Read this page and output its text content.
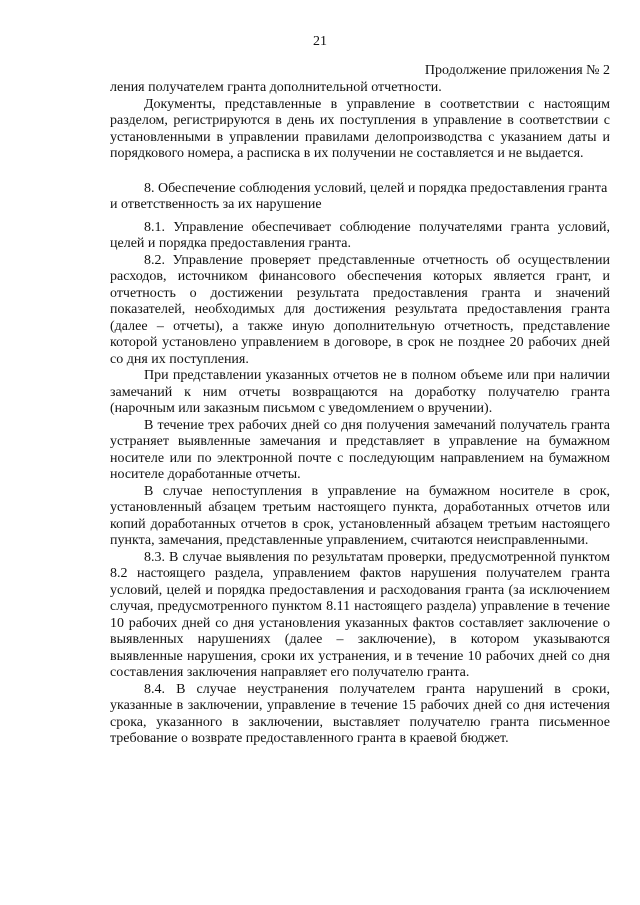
21
Продолжение приложения № 2

ления получателем гранта дополнительной отчетности.

Документы, представленные в управление в соответствии с настоящим разделом, регистрируются в день их поступления в управление в соответствии с установленными в управлении правилами делопроизводства с указанием даты и порядкового номера, а расписка в их получении не составляется и не выдается.

8. Обеспечение соблюдения условий, целей и порядка предоставления гранта и ответственность за их нарушение

8.1. Управление обеспечивает соблюдение получателями гранта условий, целей и порядка предоставления гранта.

8.2. Управление проверяет представленные отчетность об осуществлении расходов, источником финансового обеспечения которых является грант, и отчетность о достижении результата предоставления гранта и значений показателей, необходимых для достижения результата предоставления гранта (далее – отчеты), а также иную дополнительную отчетность, представление которой установлено управлением в договоре, в срок не позднее 20 рабочих дней со дня их поступления.

При представлении указанных отчетов не в полном объеме или при наличии замечаний к ним отчеты возвращаются на доработку получателю гранта (нарочным или заказным письмом с уведомлением о вручении).

В течение трех рабочих дней со дня получения замечаний получатель гранта устраняет выявленные замечания и представляет в управление на бумажном носителе или по электронной почте с последующим направлением на бумажном носителе доработанные отчеты.

В случае непоступления в управление на бумажном носителе в срок, установленный абзацем третьим настоящего пункта, доработанных отчетов или копий доработанных отчетов в срок, установленный абзацем третьим настоящего пункта, замечания, представленные управлением, считаются неисправленными.

8.3. В случае выявления по результатам проверки, предусмотренной пунктом 8.2 настоящего раздела, управлением фактов нарушения получателем гранта условий, целей и порядка предоставления и расходования гранта (за исключением случая, предусмотренного пунктом 8.11 настоящего раздела) управление в течение 10 рабочих дней со дня установления указанных фактов составляет заключение о выявленных нарушениях (далее – заключение), в котором указываются выявленные нарушения, сроки их устранения, и в течение 10 рабочих дней со дня составления заключения направляет его получателю гранта.

8.4. В случае неустранения получателем гранта нарушений в сроки, указанные в заключении, управление в течение 15 рабочих дней со дня истечения срока, указанного в заключении, выставляет получателю гранта письменное требование о возврате предоставленного гранта в краевой бюджет.
